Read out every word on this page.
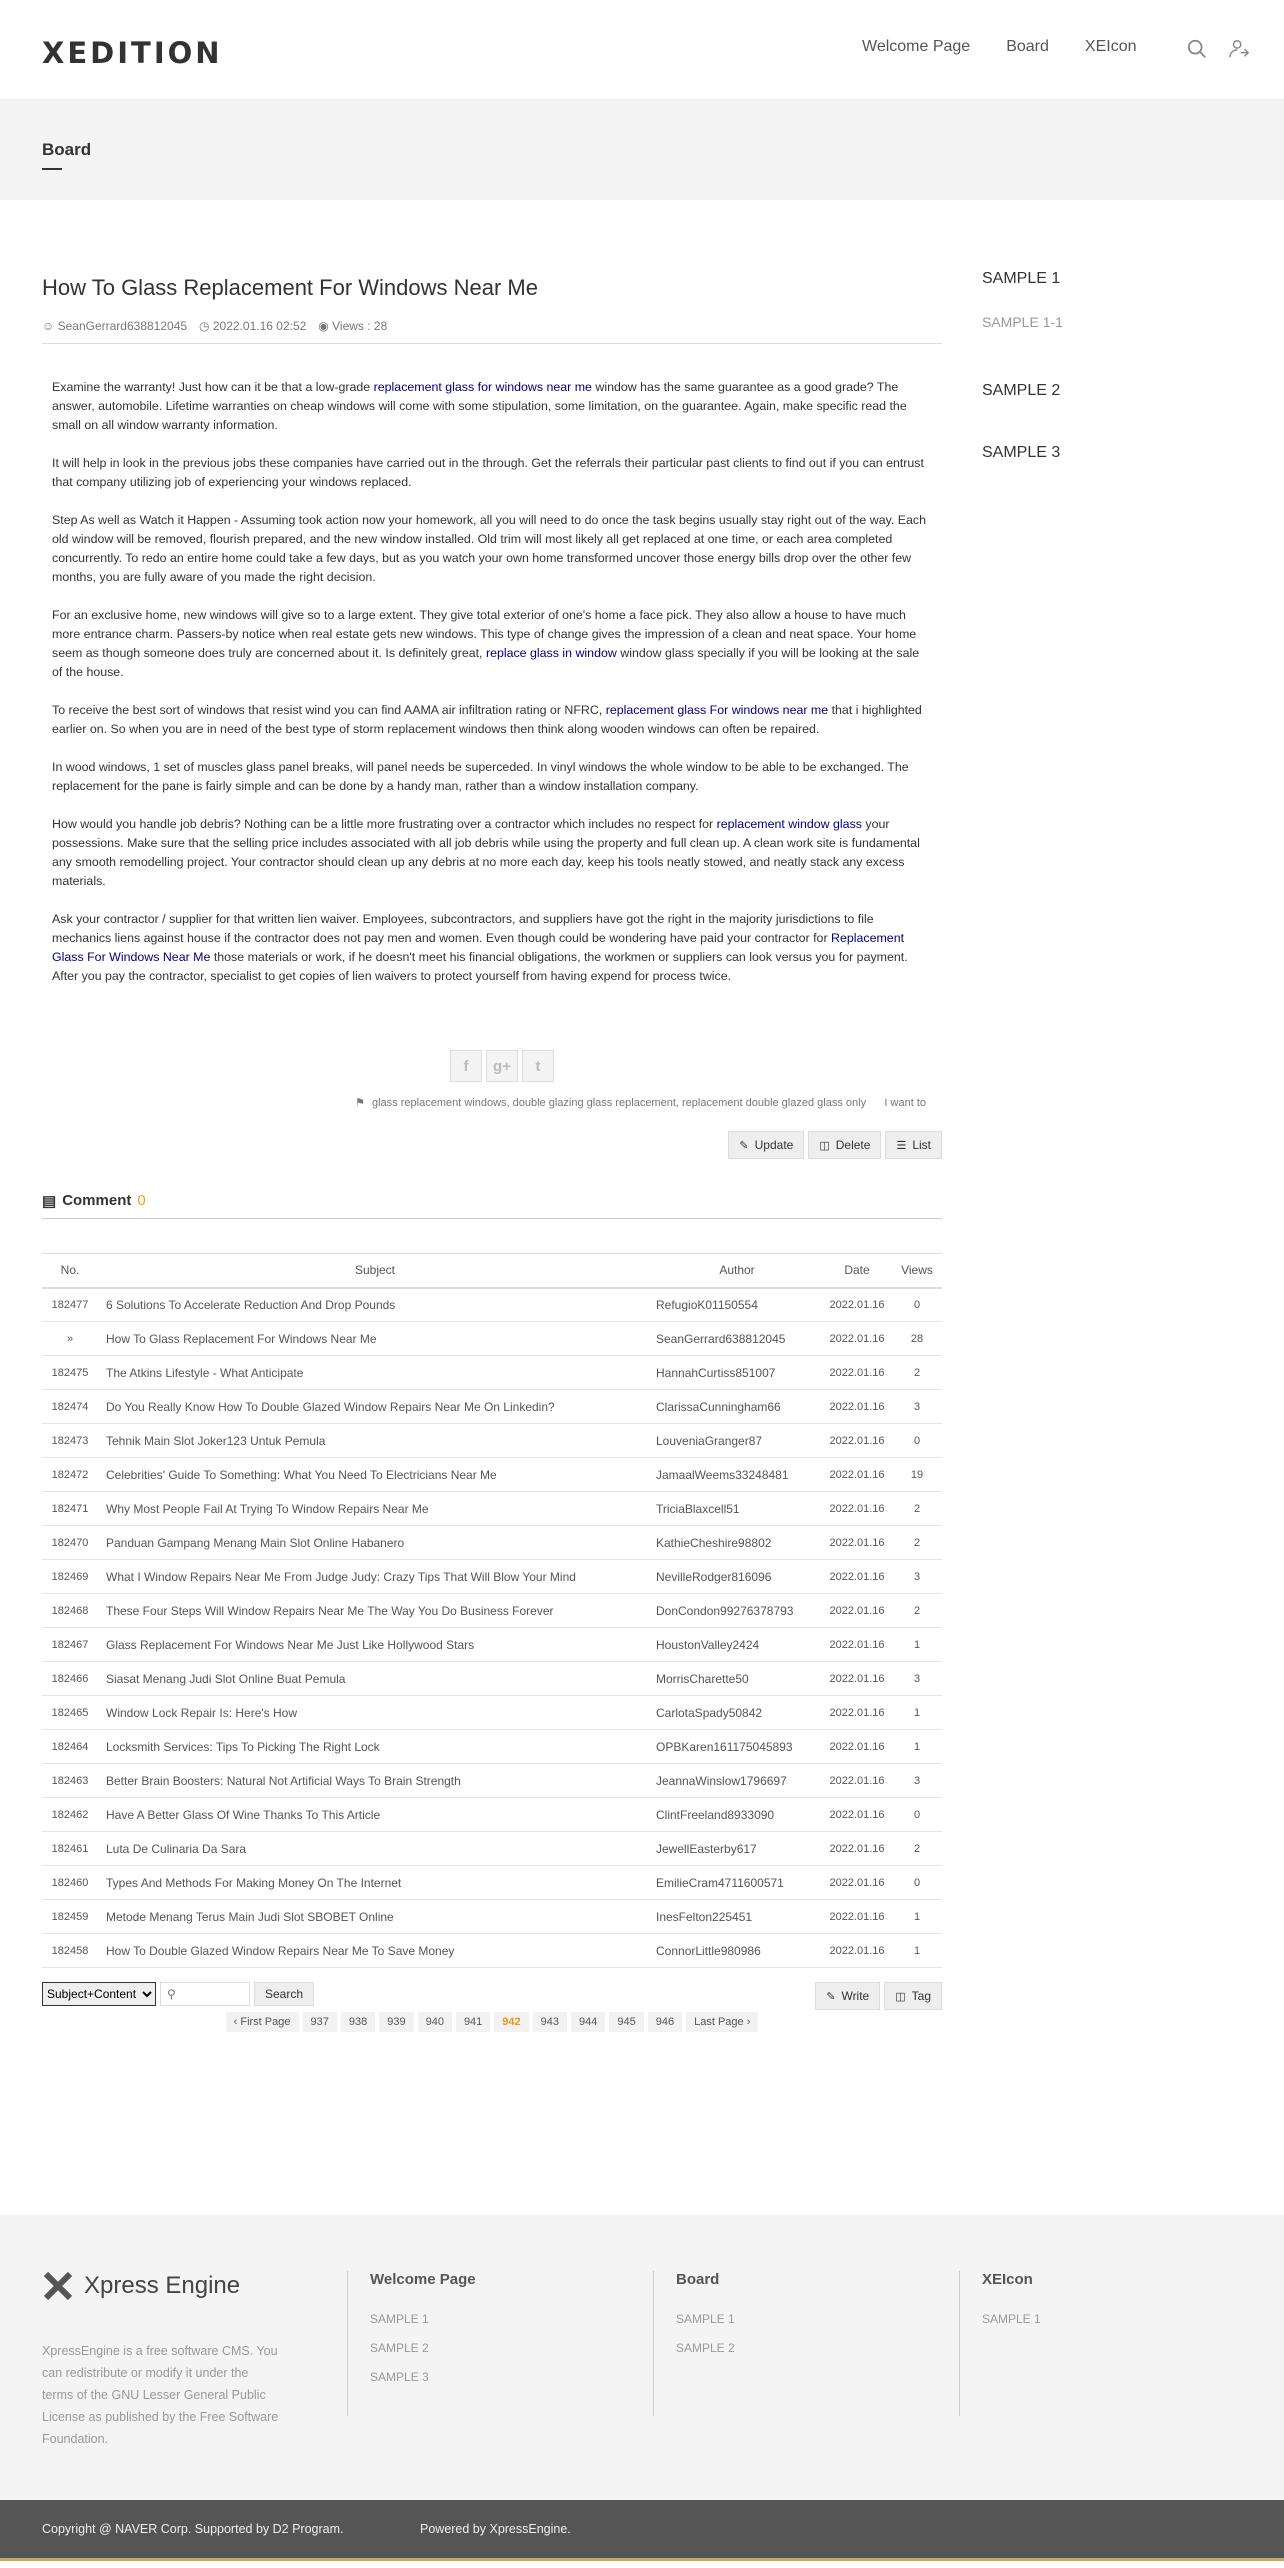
XEDITION	Welcome Page Board XEIcon
Board
SAMPLE 1
SAMPLE 1-1
SAMPLE 2
SAMPLE 3
How To Glass Replacement For Windows Near Me
☺ SeanGerrard638812045 ◷ 2022.01.16 02:52 ◉ Views : 28

Examine the warranty! Just how can it be that a low-grade replacement glass for windows near me window has the same guarantee as a good grade? The answer, automobile. Lifetime warranties on cheap windows will come with some stipulation, some limitation, on the guarantee. Again, make specific read the small on all window warranty information.

It will help in look in the previous jobs these companies have carried out in the through. Get the referrals their particular past clients to find out if you can entrust that company utilizing job of experiencing your windows replaced.

Step As well as Watch it Happen - Assuming took action now your homework, all you will need to do once the task begins usually stay right out of the way. Each old window will be removed, flourish prepared, and the new window installed. Old trim will most likely all get replaced at one time, or each area completed concurrently. To redo an entire home could take a few days, but as you watch your own home transformed uncover those energy bills drop over the other few months, you are fully aware of you made the right decision.

For an exclusive home, new windows will give so to a large extent. They give total exterior of one's home a face pick. They also allow a house to have much more entrance charm. Passers-by notice when real estate gets new windows. This type of change gives the impression of a clean and neat space. Your home seem as though someone does truly are concerned about it. Is definitely great, replace glass in window window glass specially if you will be looking at the sale of the house.

To receive the best sort of windows that resist wind you can find AAMA air infiltration rating or NFRC, replacement glass For windows near me that i highlighted earlier on. So when you are in need of the best type of storm replacement windows then think along wooden windows can often be repaired.

In wood windows, 1 set of muscles glass panel breaks, will panel needs be superceded. In vinyl windows the whole window to be able to be exchanged. The replacement for the pane is fairly simple and can be done by a handy man, rather than a window installation company.

How would you handle job debris? Nothing can be a little more frustrating over a contractor which includes no respect for replacement window glass your possessions. Make sure that the selling price includes associated with all job debris while using the property and full clean up. A clean work site is fundamental any smooth remodelling project. Your contractor should clean up any debris at no more each day, keep his tools neatly stowed, and neatly stack any excess materials.

Ask your contractor / supplier for that written lien waiver. Employees, subcontractors, and suppliers have got the right in the majority jurisdictions to file mechanics liens against house if the contractor does not pay men and women. Even though could be wondering have paid your contractor for Replacement Glass For Windows Near Me those materials or work, if he doesn't meet his financial obligations, the workmen or suppliers can look versus you for payment. After you pay the contractor, specialist to get copies of lien waivers to protect yourself from having expend for process twice.

f	g+	t
⚑ glass replacement windows, double glazing glass replacement, replacement double glazed glass only I want to
✎ Update ◫ Delete ☰ List
▤ Comment 0
No.	Subject	Author	Date	Views
182477	6 Solutions To Accelerate Reduction And Drop Pounds	RefugioK01150554	2022.01.16	0
»	How To Glass Replacement For Windows Near Me	SeanGerrard638812045	2022.01.16	28
182475	The Atkins Lifestyle - What Anticipate	HannahCurtiss851007	2022.01.16	2
182474	Do You Really Know How To Double Glazed Window Repairs Near Me On Linkedin?	ClarissaCunningham66	2022.01.16	3
182473	Tehnik Main Slot Joker123 Untuk Pemula	LouveniaGranger87	2022.01.16	0
182472	Celebrities' Guide To Something: What You Need To Electricians Near Me	JamaalWeems33248481	2022.01.16	19
182471	Why Most People Fail At Trying To Window Repairs Near Me	TriciaBlaxcell51	2022.01.16	2
182470	Panduan Gampang Menang Main Slot Online Habanero	KathieCheshire98802	2022.01.16	2
182469	What I Window Repairs Near Me From Judge Judy: Crazy Tips That Will Blow Your Mind	NevilleRodger816096	2022.01.16	3
182468	These Four Steps Will Window Repairs Near Me The Way You Do Business Forever	DonCondon99276378793	2022.01.16	2
182467	Glass Replacement For Windows Near Me Just Like Hollywood Stars	HoustonValley2424	2022.01.16	1
182466	Siasat Menang Judi Slot Online Buat Pemula	MorrisCharette50	2022.01.16	3
182465	Window Lock Repair Is: Here's How	CarlotaSpady50842	2022.01.16	1
182464	Locksmith Services: Tips To Picking The Right Lock	OPBKaren161175045893	2022.01.16	1
182463	Better Brain Boosters: Natural Not Artificial Ways To Brain Strength	JeannaWinslow1796697	2022.01.16	3
182462	Have A Better Glass Of Wine Thanks To This Article	ClintFreeland8933090	2022.01.16	0
182461	Luta De Culinaria Da Sara	JewellEasterby617	2022.01.16	2
182460	Types And Methods For Making Money On The Internet	EmilieCram4711600571	2022.01.16	0
182459	Metode Menang Terus Main Judi Slot SBOBET Online	InesFelton225451	2022.01.16	1
182458	How To Double Glazed Window Repairs Near Me To Save Money	ConnorLittle980986	2022.01.16	1
Subject+Content
⚲	Search	✎ Write ◫ Tag
‹ First Page	937	938	939	940	941	942	943	944	945	946	Last Page ›
Xpress Engine
XpressEngine is a free software CMS. You can redistribute or modify it under the terms of the GNU Lesser General Public License as published by the Free Software Foundation.
Welcome Page
SAMPLE 1
SAMPLE 2
SAMPLE 3
Board
SAMPLE 1
SAMPLE 2
XEIcon
SAMPLE 1
Copyright @ NAVER Corp. Supported by D2 Program.	Powered by XpressEngine.
